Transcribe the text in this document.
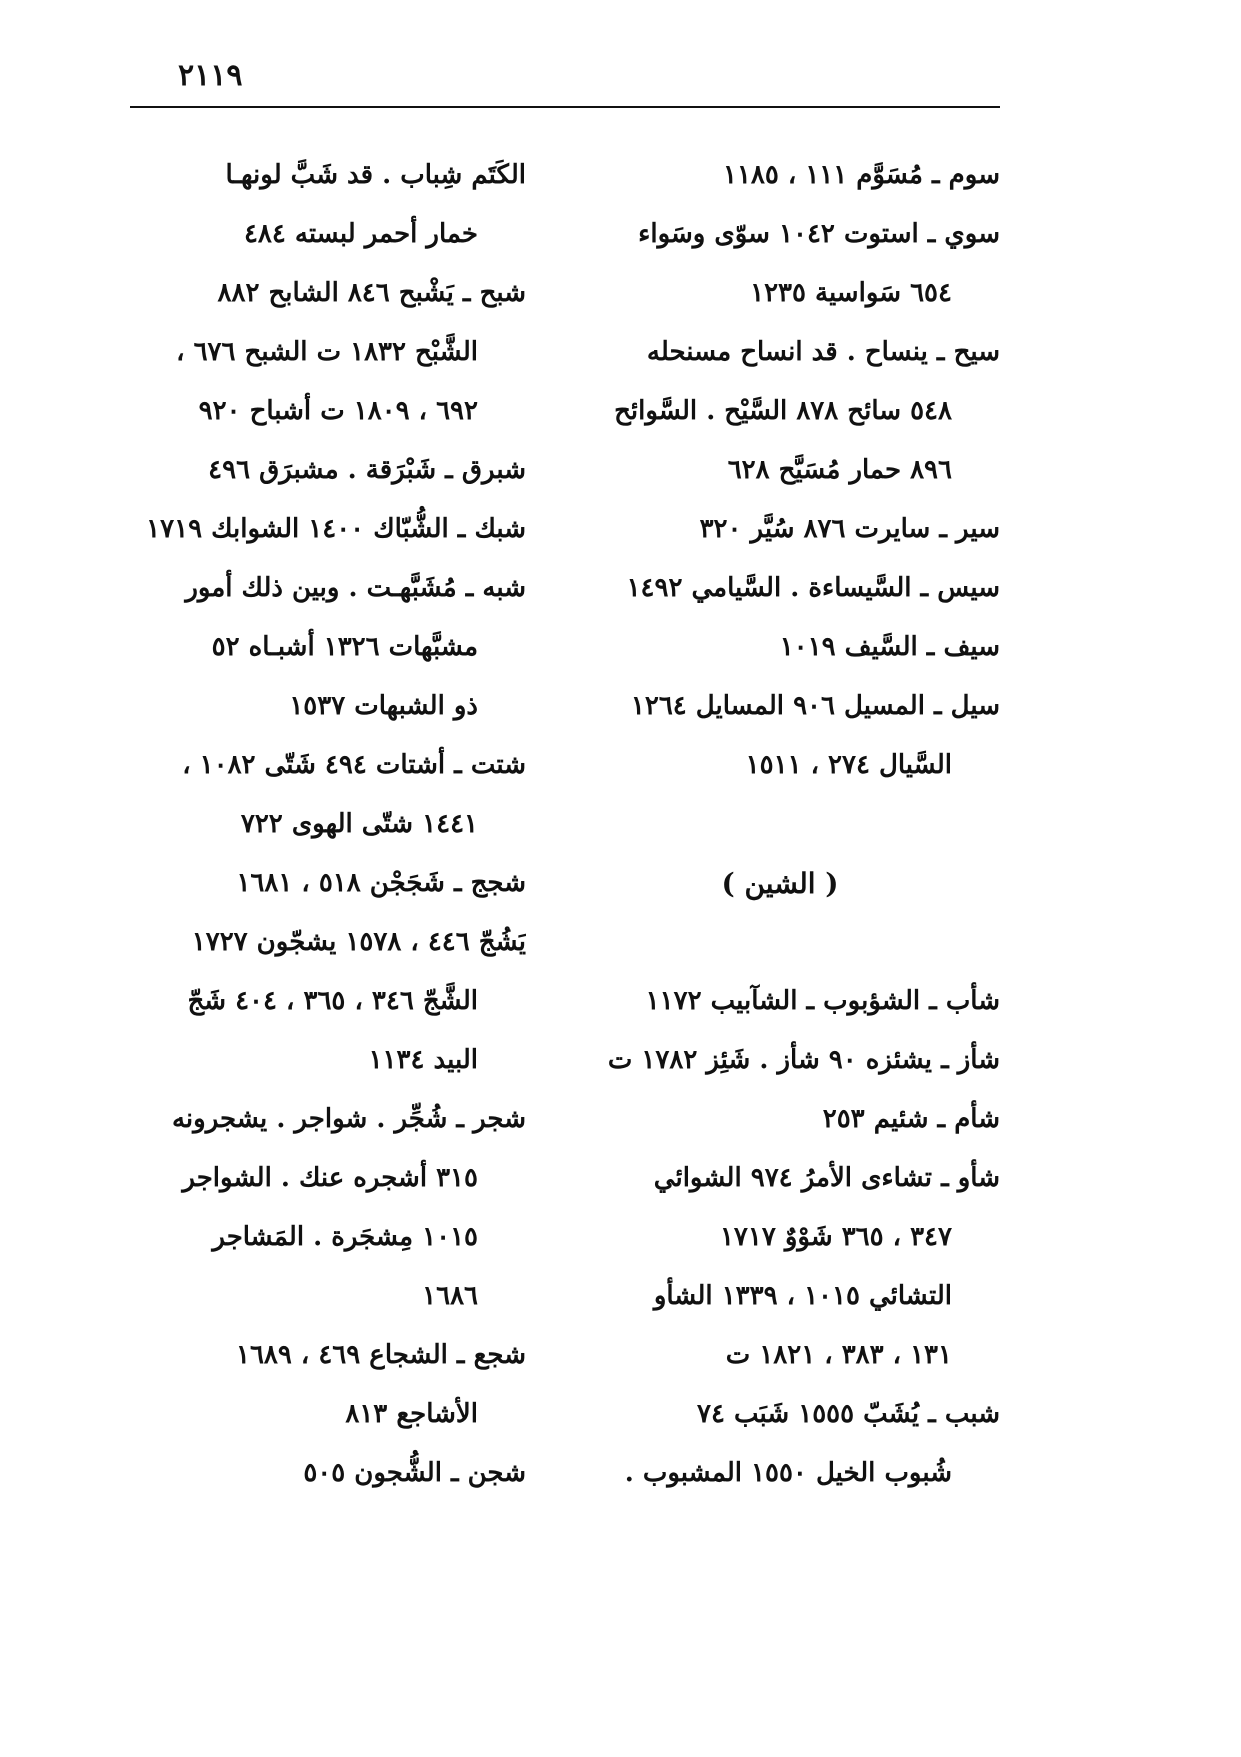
٢١١٩
سوم ـ مُسَوَّم ١١١ ، ١١٨٥
سوي ـ استوت ١٠٤٢ سوّى وسَواء
٦٥٤ سَواسية ١٢٣٥
سيح ـ ينساح . قد انساح مسنحله
٥٤٨ سائح ٨٧٨ السَّيْح . السَّوائح
٨٩٦ حمار مُسَيَّح ٦٢٨
سير ـ سايرت ٨٧٦ سُيَّر ٣٢٠
سيس ـ السَّيساءة . السَّيامي ١٤٩٢
سيف ـ السَّيف ١٠١٩
سيل ـ المسيل ٩٠٦ المسايل ١٢٦٤
السَّيال ٢٧٤ ، ١٥١١
( الشين )
شأب ـ الشؤبوب ـ الشآبيب ١١٧٢
شأز ـ يشئزه ٩٠ شأز . شَئِز ١٧٨٢ ت
شأم ـ شئيم ٢٥٣
شأو ـ تشاءى الأمرُ ٩٧٤ الشوائي
٣٤٧ ، ٣٦٥ شَوْوٌ ١٧١٧
التشائي ١٠١٥ ، ١٣٣٩ الشأو
١٣١ ، ٣٨٣ ، ١٨٢١ ت
شبب ـ يُشَبّ ١٥٥٥ شَبَب ٧٤
شُبوب الخيل ١٥٥٠ المشبوب .
الكَتَم شِباب . قد شَبَّ لونهـا
خمار أحمر لبسته ٤٨٤
شبح ـ يَشْبح ٨٤٦ الشابح ٨٨٢
الشَّبْح ١٨٣٢ ت الشبح ٦٧٦ ،
٦٩٢ ، ١٨٠٩ ت أشباح ٩٢٠
شبرق ـ شَبْرَقة . مشبرَق ٤٩٦
شبك ـ الشُّبّاك ١٤٠٠ الشوابك ١٧١٩
شبه ـ مُشَبَّهـت . وبين ذلك أمور
مشبَّهات ١٣٢٦ أشبـاه ٥٢
ذو الشبهات ١٥٣٧
شتت ـ أشتات ٤٩٤ شَتّى ١٠٨٢ ،
١٤٤١ شتّى الهوى ٧٢٢
شجج ـ شَجَجْن ٥١٨ ، ١٦٨١
يَشُجّ ٤٤٦ ، ١٥٧٨ يشجّون ١٧٢٧
الشَّجّ ٣٤٦ ، ٣٦٥ ، ٤٠٤ شَجّ
البيد ١١٣٤
شجر ـ شُجِّر . شواجر . يشجرونه
٣١٥ أشجره عنك . الشواجر
١٠١٥ مِشجَرة . المَشاجر
١٦٨٦
شجع ـ الشجاع ٤٦٩ ، ١٦٨٩
الأشاجع ٨١٣
شجن ـ الشُّجون ٥٠٥
